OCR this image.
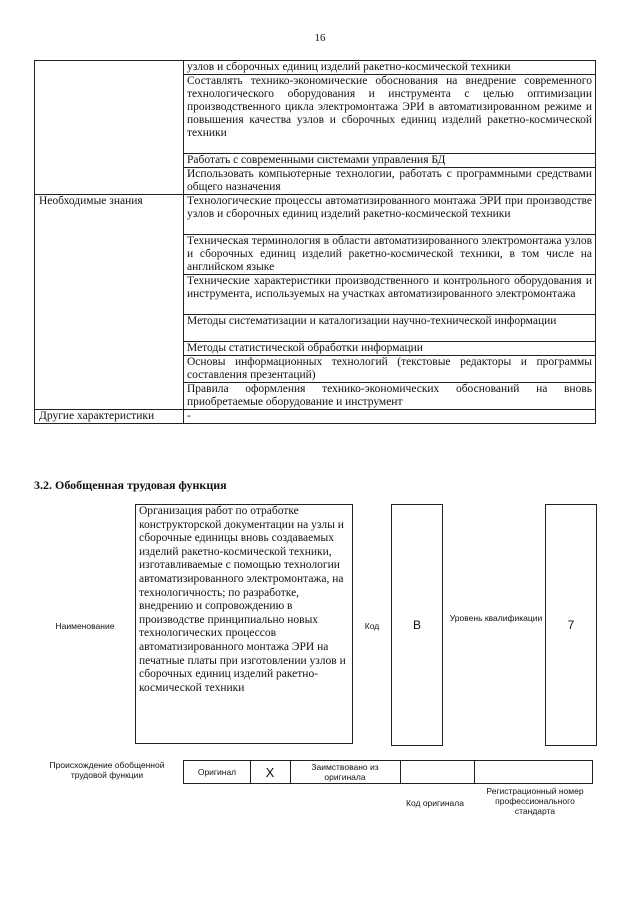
16
	узлов и сборочных единиц изделий ракетно-космической техники
	Составлять технико-экономические обоснования на внедрение современного технологического оборудования и инструмента с целью оптимизации производственного цикла электромонтажа ЭРИ в автоматизированном режиме и повышения качества узлов и сборочных единиц изделий ракетно-космической техники
	Работать с современными системами управления БД
	Использовать компьютерные технологии, работать с программными средствами общего назначения
Необходимые знания	Технологические процессы автоматизированного монтажа ЭРИ при производстве узлов и сборочных единиц изделий ракетно-космической техники
	Техническая терминология в области автоматизированного электромонтажа узлов и сборочных единиц изделий ракетно-космической техники, в том числе на английском языке
	Технические характеристики производственного и контрольного оборудования и инструмента, используемых на участках автоматизированного электромонтажа
	Методы систематизации и каталогизации научно-технической информации
	Методы статистической обработки информации
	Основы информационных технологий (текстовые редакторы и программы составления презентаций)
	Правила оформления технико-экономических обоснований на вновь приобретаемые оборудование и инструмент
Другие характеристики	-
3.2. Обобщенная трудовая функция
Наименование
Организация работ по отработке конструкторской документации на узлы и сборочные единицы вновь создаваемых изделий ракетно-космической техники, изготавливаемые с помощью технологии автоматизированного электромонтажа, на технологичность; по разработке, внедрению и сопровождению в производстве принципиально новых технологических процессов автоматизированного монтажа ЭРИ на печатные платы при изготовлении узлов и сборочных единиц изделий ракетно-космической техники
Код	В	Уровень квалификации	7
Происхождение обобщенной трудовой функции	Оригинал	X	Заимствовано из оригинала
Код оригинала
Регистрационный номер профессионального стандарта
